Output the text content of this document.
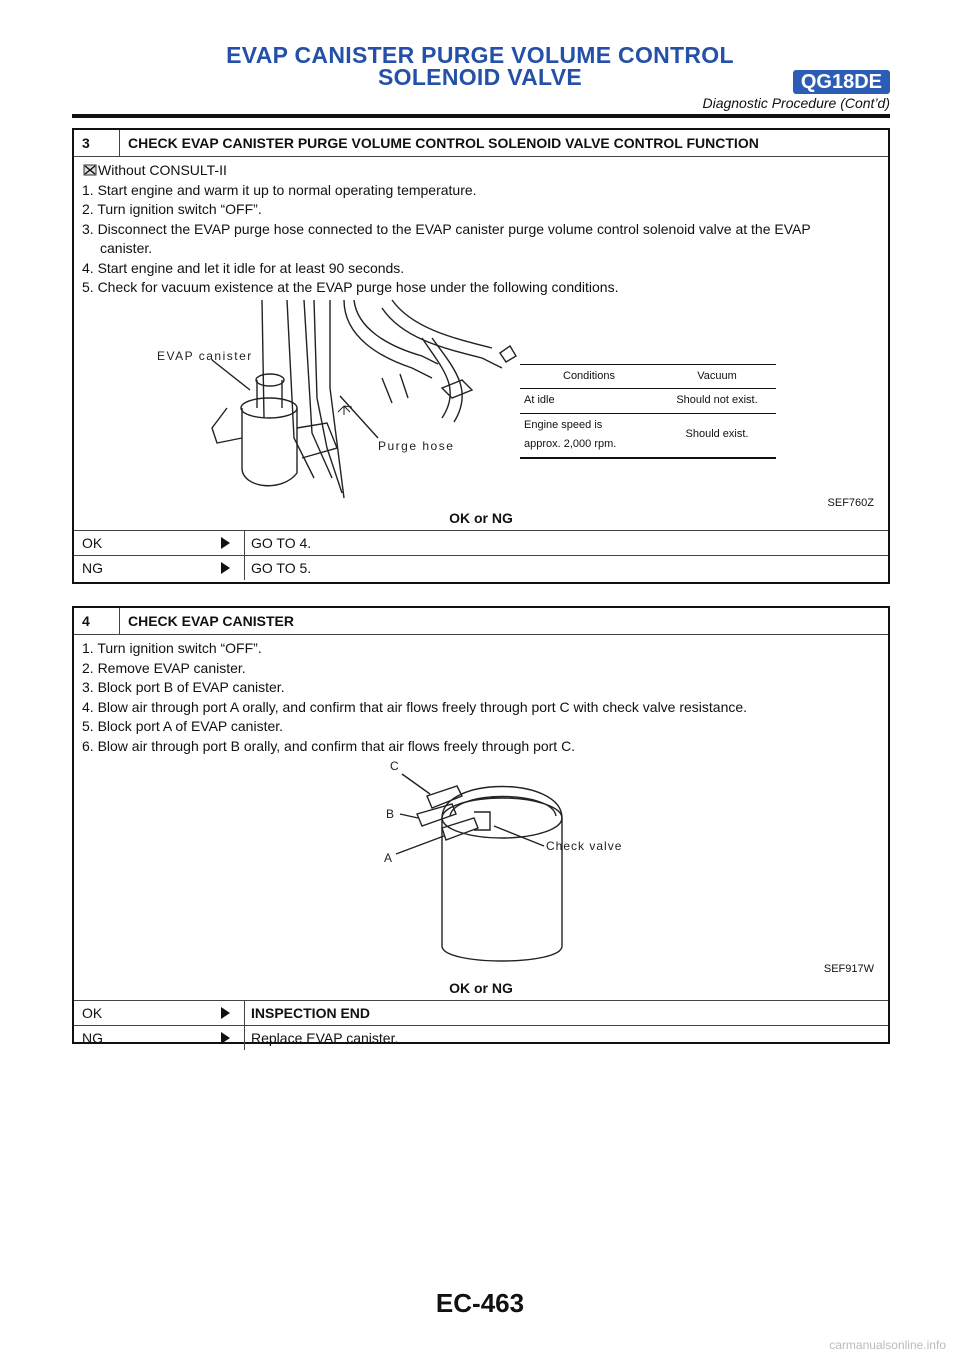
EVAP CANISTER PURGE VOLUME CONTROL
SOLENOID VALVE	QG18DE
Diagnostic Procedure (Cont’d)
3	CHECK EVAP CANISTER PURGE VOLUME CONTROL SOLENOID VALVE CONTROL FUNCTION

Without CONSULT-II

1. Start engine and warm it up to normal operating temperature.

2. Turn ignition switch “OFF”.

3. Disconnect the EVAP purge hose connected to the EVAP canister purge volume control solenoid valve at the EVAP

canister.

4. Start engine and let it idle for at least 90 seconds.

5. Check for vacuum existence at the EVAP purge hose under the following conditions.

EVAP canister
Purge hose
Conditions	Vacuum
At idle	Should not exist.

Engine speed is
approx. 2,000 rpm.	Should exist.
SEF760Z
OK or NG
OK	GO TO 4.
NG	GO TO 5.
4	CHECK EVAP CANISTER

1. Turn ignition switch “OFF”.

2. Remove EVAP canister.

3. Block port B of EVAP canister.

4. Blow air through port A orally, and confirm that air flows freely through port C with check valve resistance.

5. Block port A of EVAP canister.

6. Blow air through port B orally, and confirm that air flows freely through port C.

C
B
A
Check valve
SEF917W
OK or NG
OK	INSPECTION END
NG	Replace EVAP canister.
EC-463
carmanualsonline.info
